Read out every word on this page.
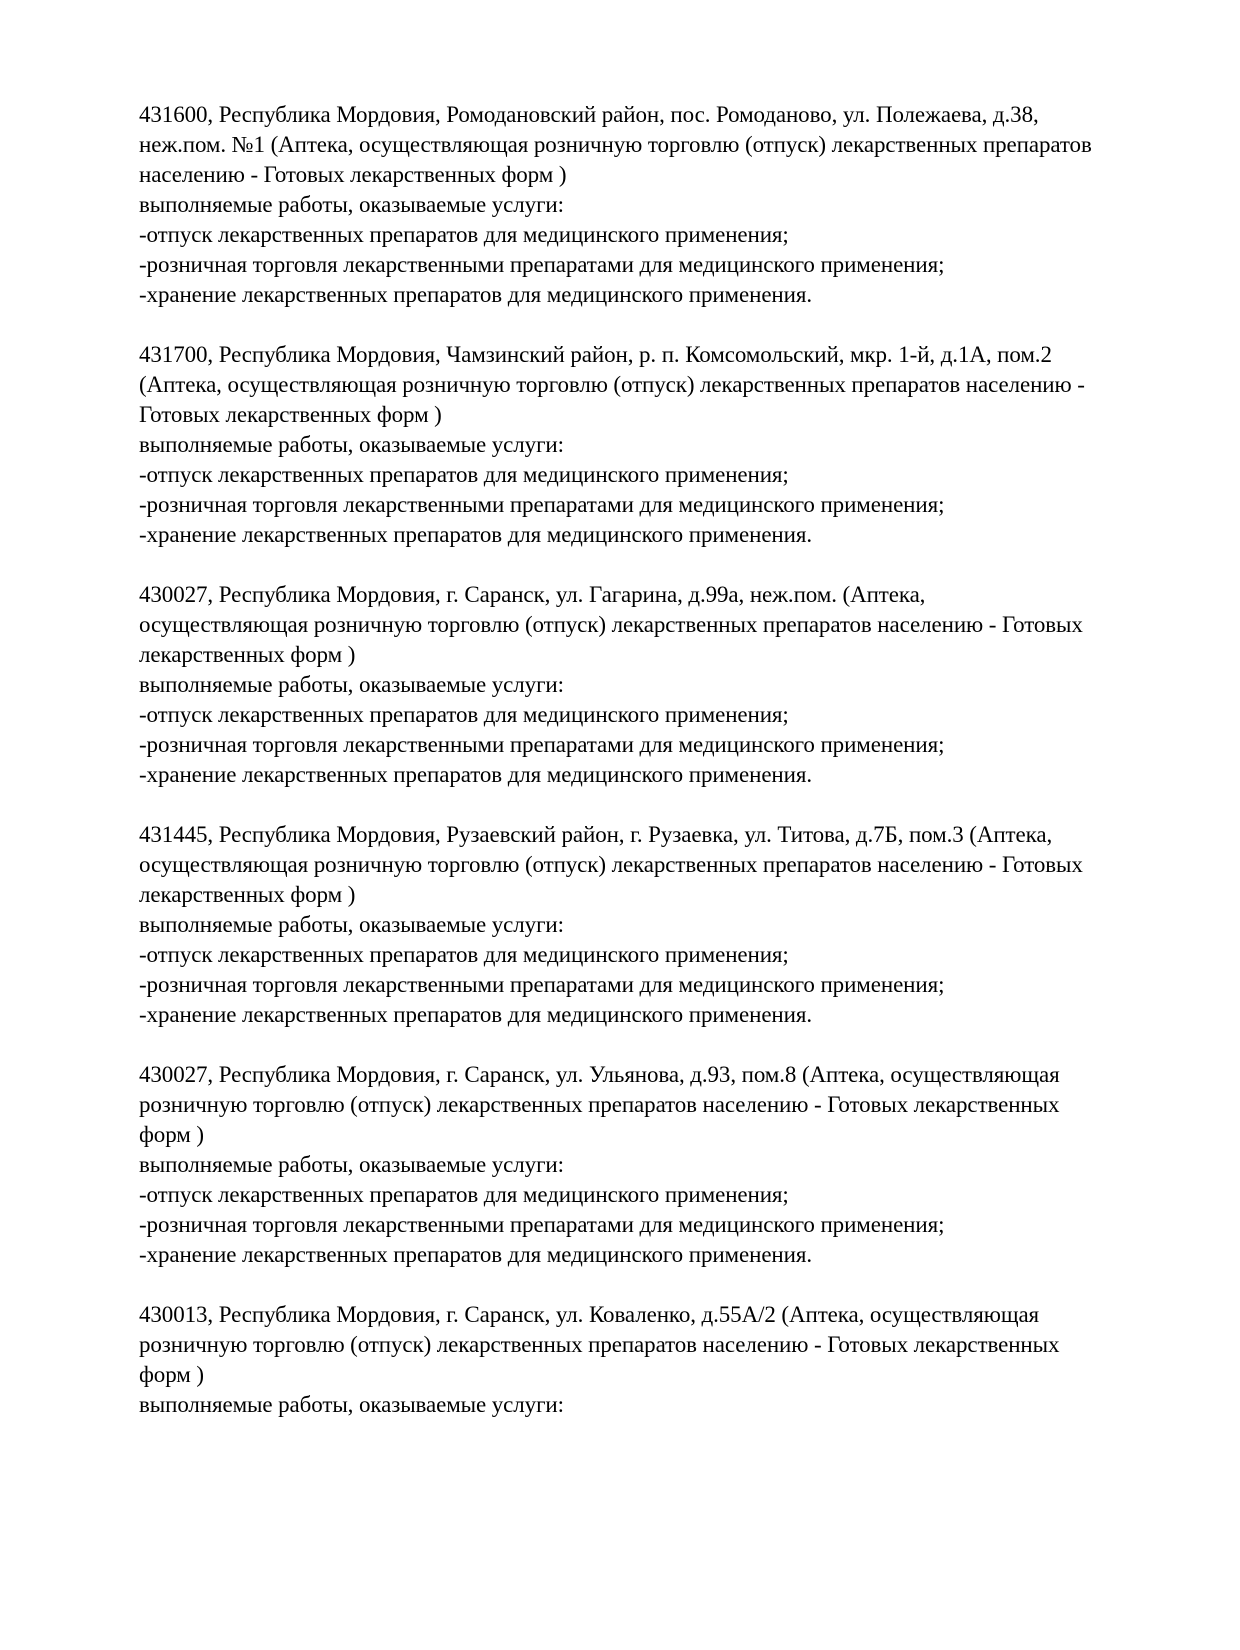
431600, Республика Мордовия, Ромодановский район, пос. Ромоданово, ул. Полежаева, д.38,
неж.пом. №1 (Аптека, осуществляющая розничную торговлю (отпуск) лекарственных препаратов
населению - Готовых лекарственных форм )
выполняемые работы, оказываемые услуги:
-отпуск лекарственных препаратов для медицинского применения;
-розничная торговля лекарственными препаратами для медицинского применения;
-хранение лекарственных препаратов для медицинского применения.
431700, Республика Мордовия, Чамзинский район, р. п. Комсомольский, мкр. 1-й, д.1А, пом.2
(Аптека, осуществляющая розничную торговлю (отпуск) лекарственных препаратов населению -
Готовых лекарственных форм )
выполняемые работы, оказываемые услуги:
-отпуск лекарственных препаратов для медицинского применения;
-розничная торговля лекарственными препаратами для медицинского применения;
-хранение лекарственных препаратов для медицинского применения.
430027, Республика Мордовия, г. Саранск, ул. Гагарина, д.99а, неж.пом. (Аптека,
осуществляющая розничную торговлю (отпуск) лекарственных препаратов населению - Готовых
лекарственных форм )
выполняемые работы, оказываемые услуги:
-отпуск лекарственных препаратов для медицинского применения;
-розничная торговля лекарственными препаратами для медицинского применения;
-хранение лекарственных препаратов для медицинского применения.
431445, Республика Мордовия, Рузаевский район, г. Рузаевка, ул. Титова, д.7Б, пом.3 (Аптека,
осуществляющая розничную торговлю (отпуск) лекарственных препаратов населению - Готовых
лекарственных форм )
выполняемые работы, оказываемые услуги:
-отпуск лекарственных препаратов для медицинского применения;
-розничная торговля лекарственными препаратами для медицинского применения;
-хранение лекарственных препаратов для медицинского применения.
430027, Республика Мордовия, г. Саранск, ул. Ульянова, д.93, пом.8 (Аптека, осуществляющая
розничную торговлю (отпуск) лекарственных препаратов населению - Готовых лекарственных
форм )
выполняемые работы, оказываемые услуги:
-отпуск лекарственных препаратов для медицинского применения;
-розничная торговля лекарственными препаратами для медицинского применения;
-хранение лекарственных препаратов для медицинского применения.
430013, Республика Мордовия, г. Саранск, ул. Коваленко, д.55А/2 (Аптека, осуществляющая
розничную торговлю (отпуск) лекарственных препаратов населению - Готовых лекарственных
форм )
выполняемые работы, оказываемые услуги:
